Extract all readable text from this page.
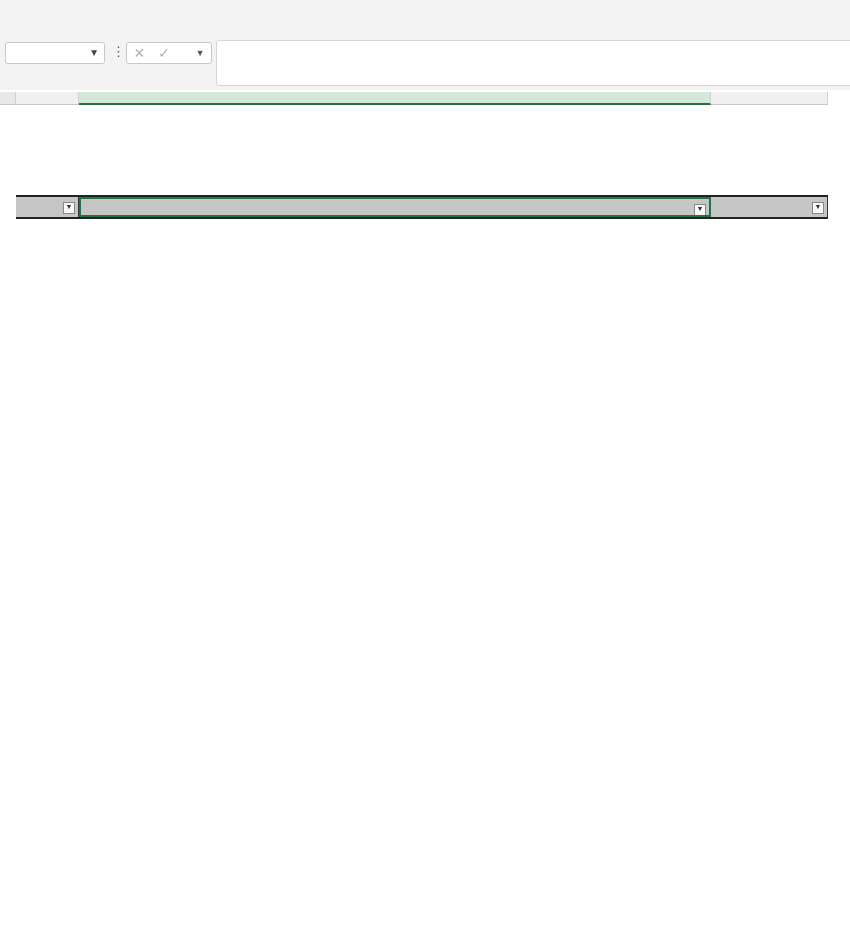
▼ ⋮ ✕ ✓	▼
▼	▼	▼
